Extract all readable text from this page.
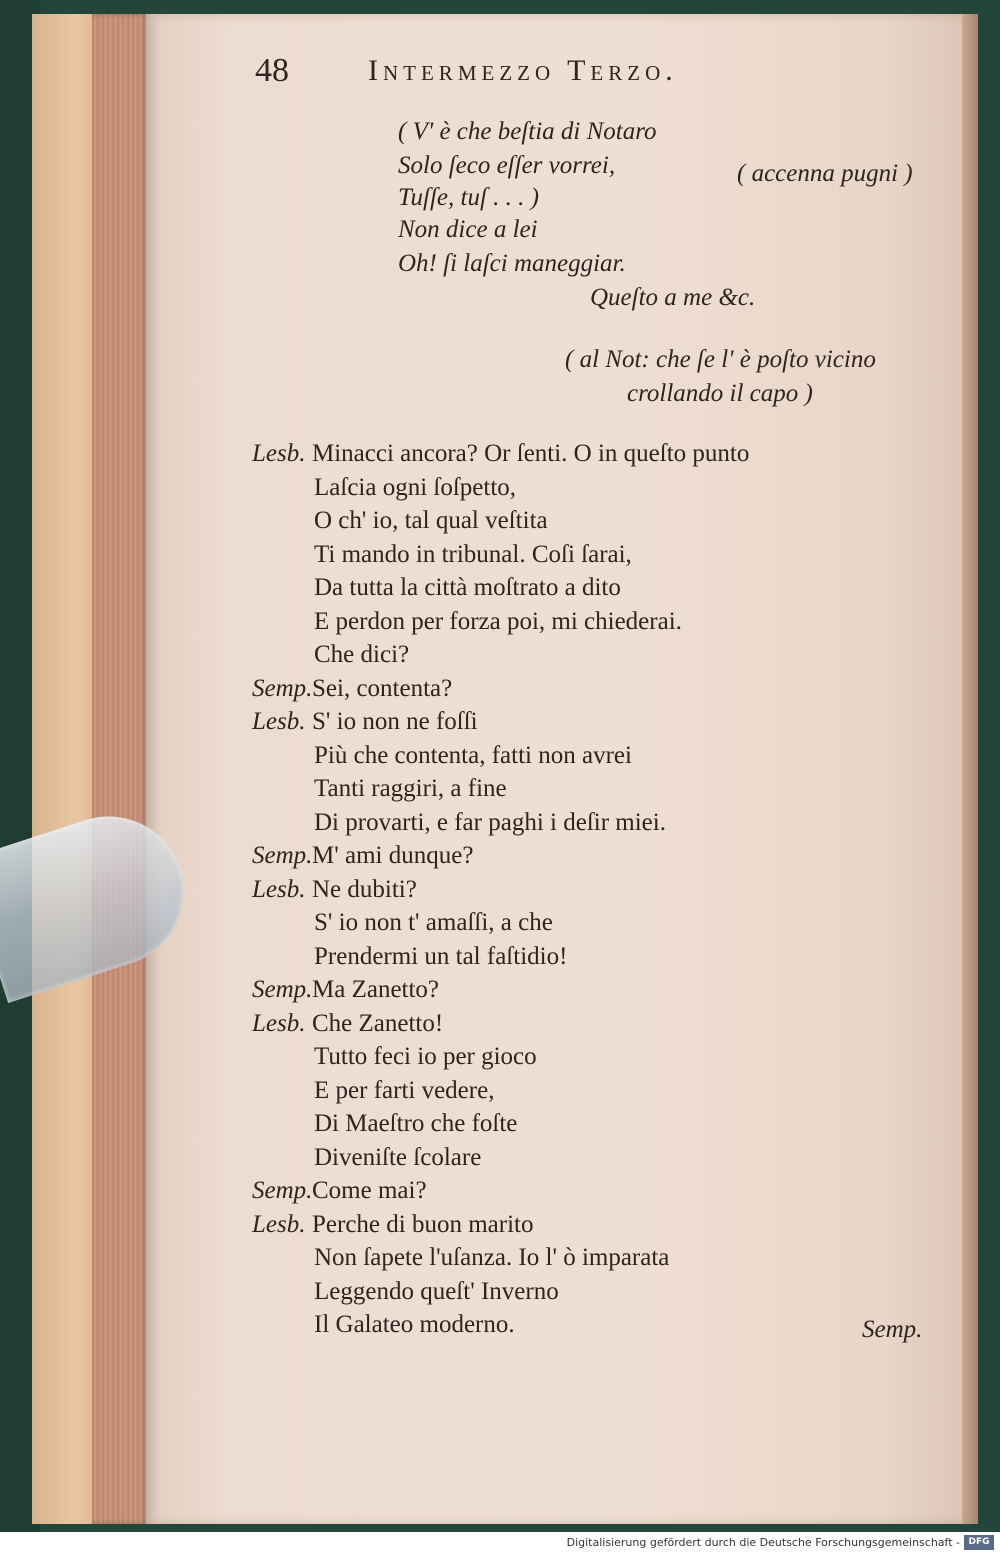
48	Intermezzo Terzo.
( V' è che beſtia di Notaro
Solo ſeco eſſer vorrei,
Tuſſe, tuſ . . . )
Non dice a lei
Oh! ſi laſci maneggiar.
Queſto a me &c.
( accenna pugni )
( al Not: che ſe l' è poſto vicino
crollando il capo )
Lesb. Minacci ancora? Or ſenti. O in queſto punto
Laſcia ogni ſoſpetto,
O ch' io, tal qual veſtita
Ti mando in tribunal. Coſi ſarai,
Da tutta la città moſtrato a dito
E perdon per forza poi, mi chiederai.
Che dici?
Semp. Sei, contenta?
Lesb. S' io non ne foſſi
Più che contenta, fatti non avrei
Tanti raggiri, a fine
Di provarti, e far paghi i deſir miei.
Semp. M' ami dunque?
Lesb. Ne dubiti?
S' io non t' amaſſi, a che
Prendermi un tal faſtidio!
Semp. Ma Zanetto?
Lesb. Che Zanetto!
Tutto feci io per gioco
E per farti vedere,
Di Maeſtro che foſte
Diveniſte ſcolare
Semp. Come mai?
Lesb. Perche di buon marito
Non ſapete l'uſanza. Io l' ò imparata
Leggendo queſt' Inverno
Il Galateo moderno.	Semp.
Digitalisierung gefördert durch die Deutsche Forschungsgemeinschaft - DFG
